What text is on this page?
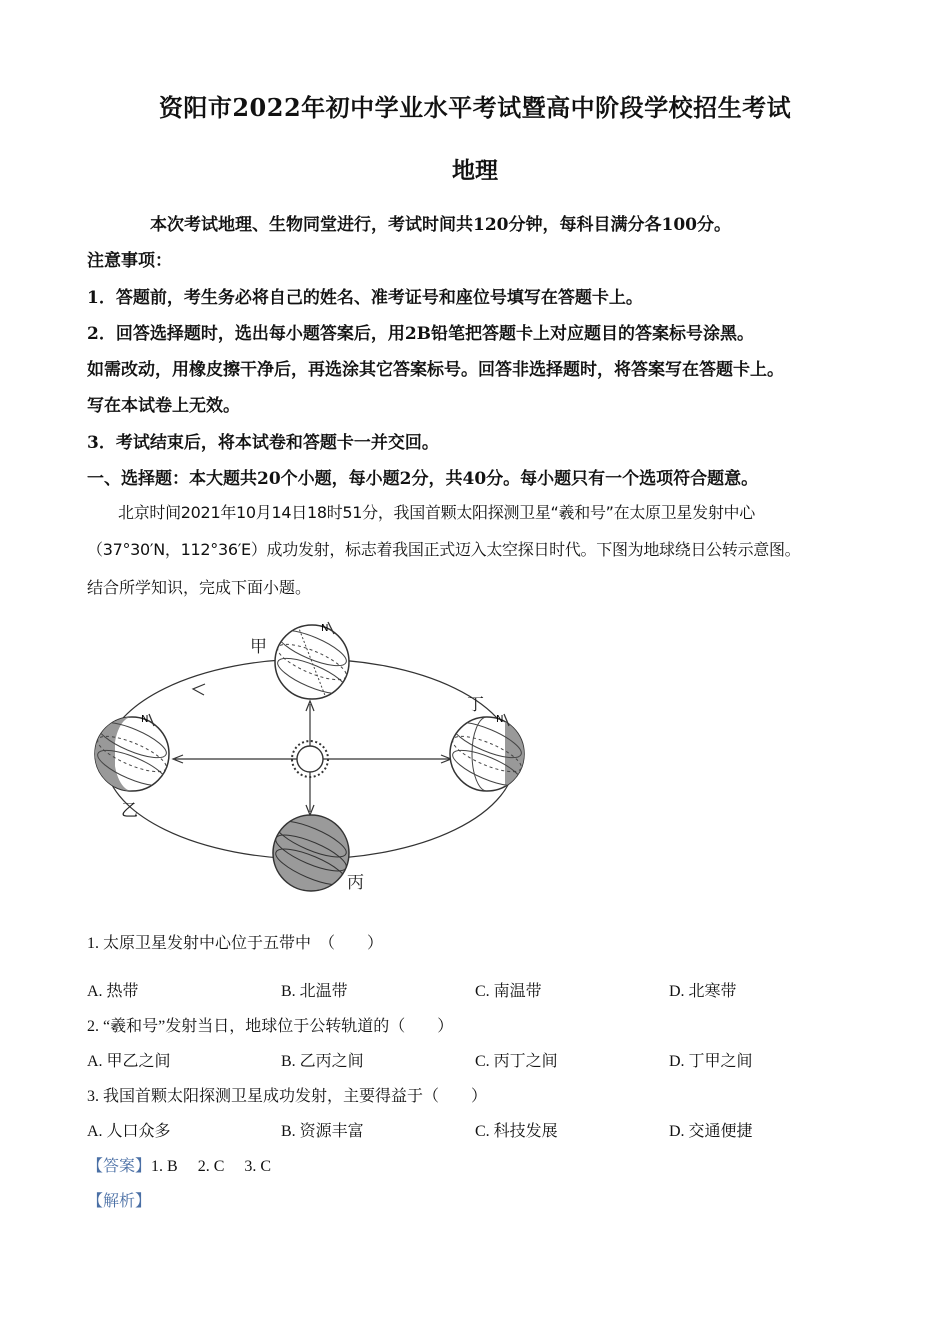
资阳市2022年初中学业水平考试暨高中阶段学校招生考试
地理
本次考试地理、生物同堂进行，考试时间共120分钟，每科目满分各100分。
注意事项：
1．答题前，考生务必将自己的姓名、准考证号和座位号填写在答题卡上。
2．回答选择题时，选出每小题答案后，用2B铅笔把答题卡上对应题目的答案标号涂黑。
如需改动，用橡皮擦干净后，再选涂其它答案标号。回答非选择题时，将答案写在答题卡上。
写在本试卷上无效。
3．考试结束后，将本试卷和答题卡一并交回。
一、选择题：本大题共20个小题，每小题2分，共40分。每小题只有一个选项符合题意。
北京时间2021年10月14日18时51分，我国首颗太阳探测卫星“羲和号”在太原卫星发射中心
（37°30′N，112°36′E）成功发射，标志着我国正式迈入太空探日时代。下图为地球绕日公转示意图。
结合所学知识，完成下面小题。
N
N	N
甲
乙
丙
丁
1. 太原卫星发射中心位于五带中　（　　）
A. 热带	B. 北温带	C. 南温带	D. 北寒带
2. “羲和号”发射当日，地球位于公转轨道的（　　）
A. 甲乙之间	B. 乙丙之间	C. 丙丁之间	D. 丁甲之间
3. 我国首颗太阳探测卫星成功发射，主要得益于（　　）
A. 人口众多	B. 资源丰富	C. 科技发展	D. 交通便捷
【答案】1. B　 2. C　 3. C
【解析】
